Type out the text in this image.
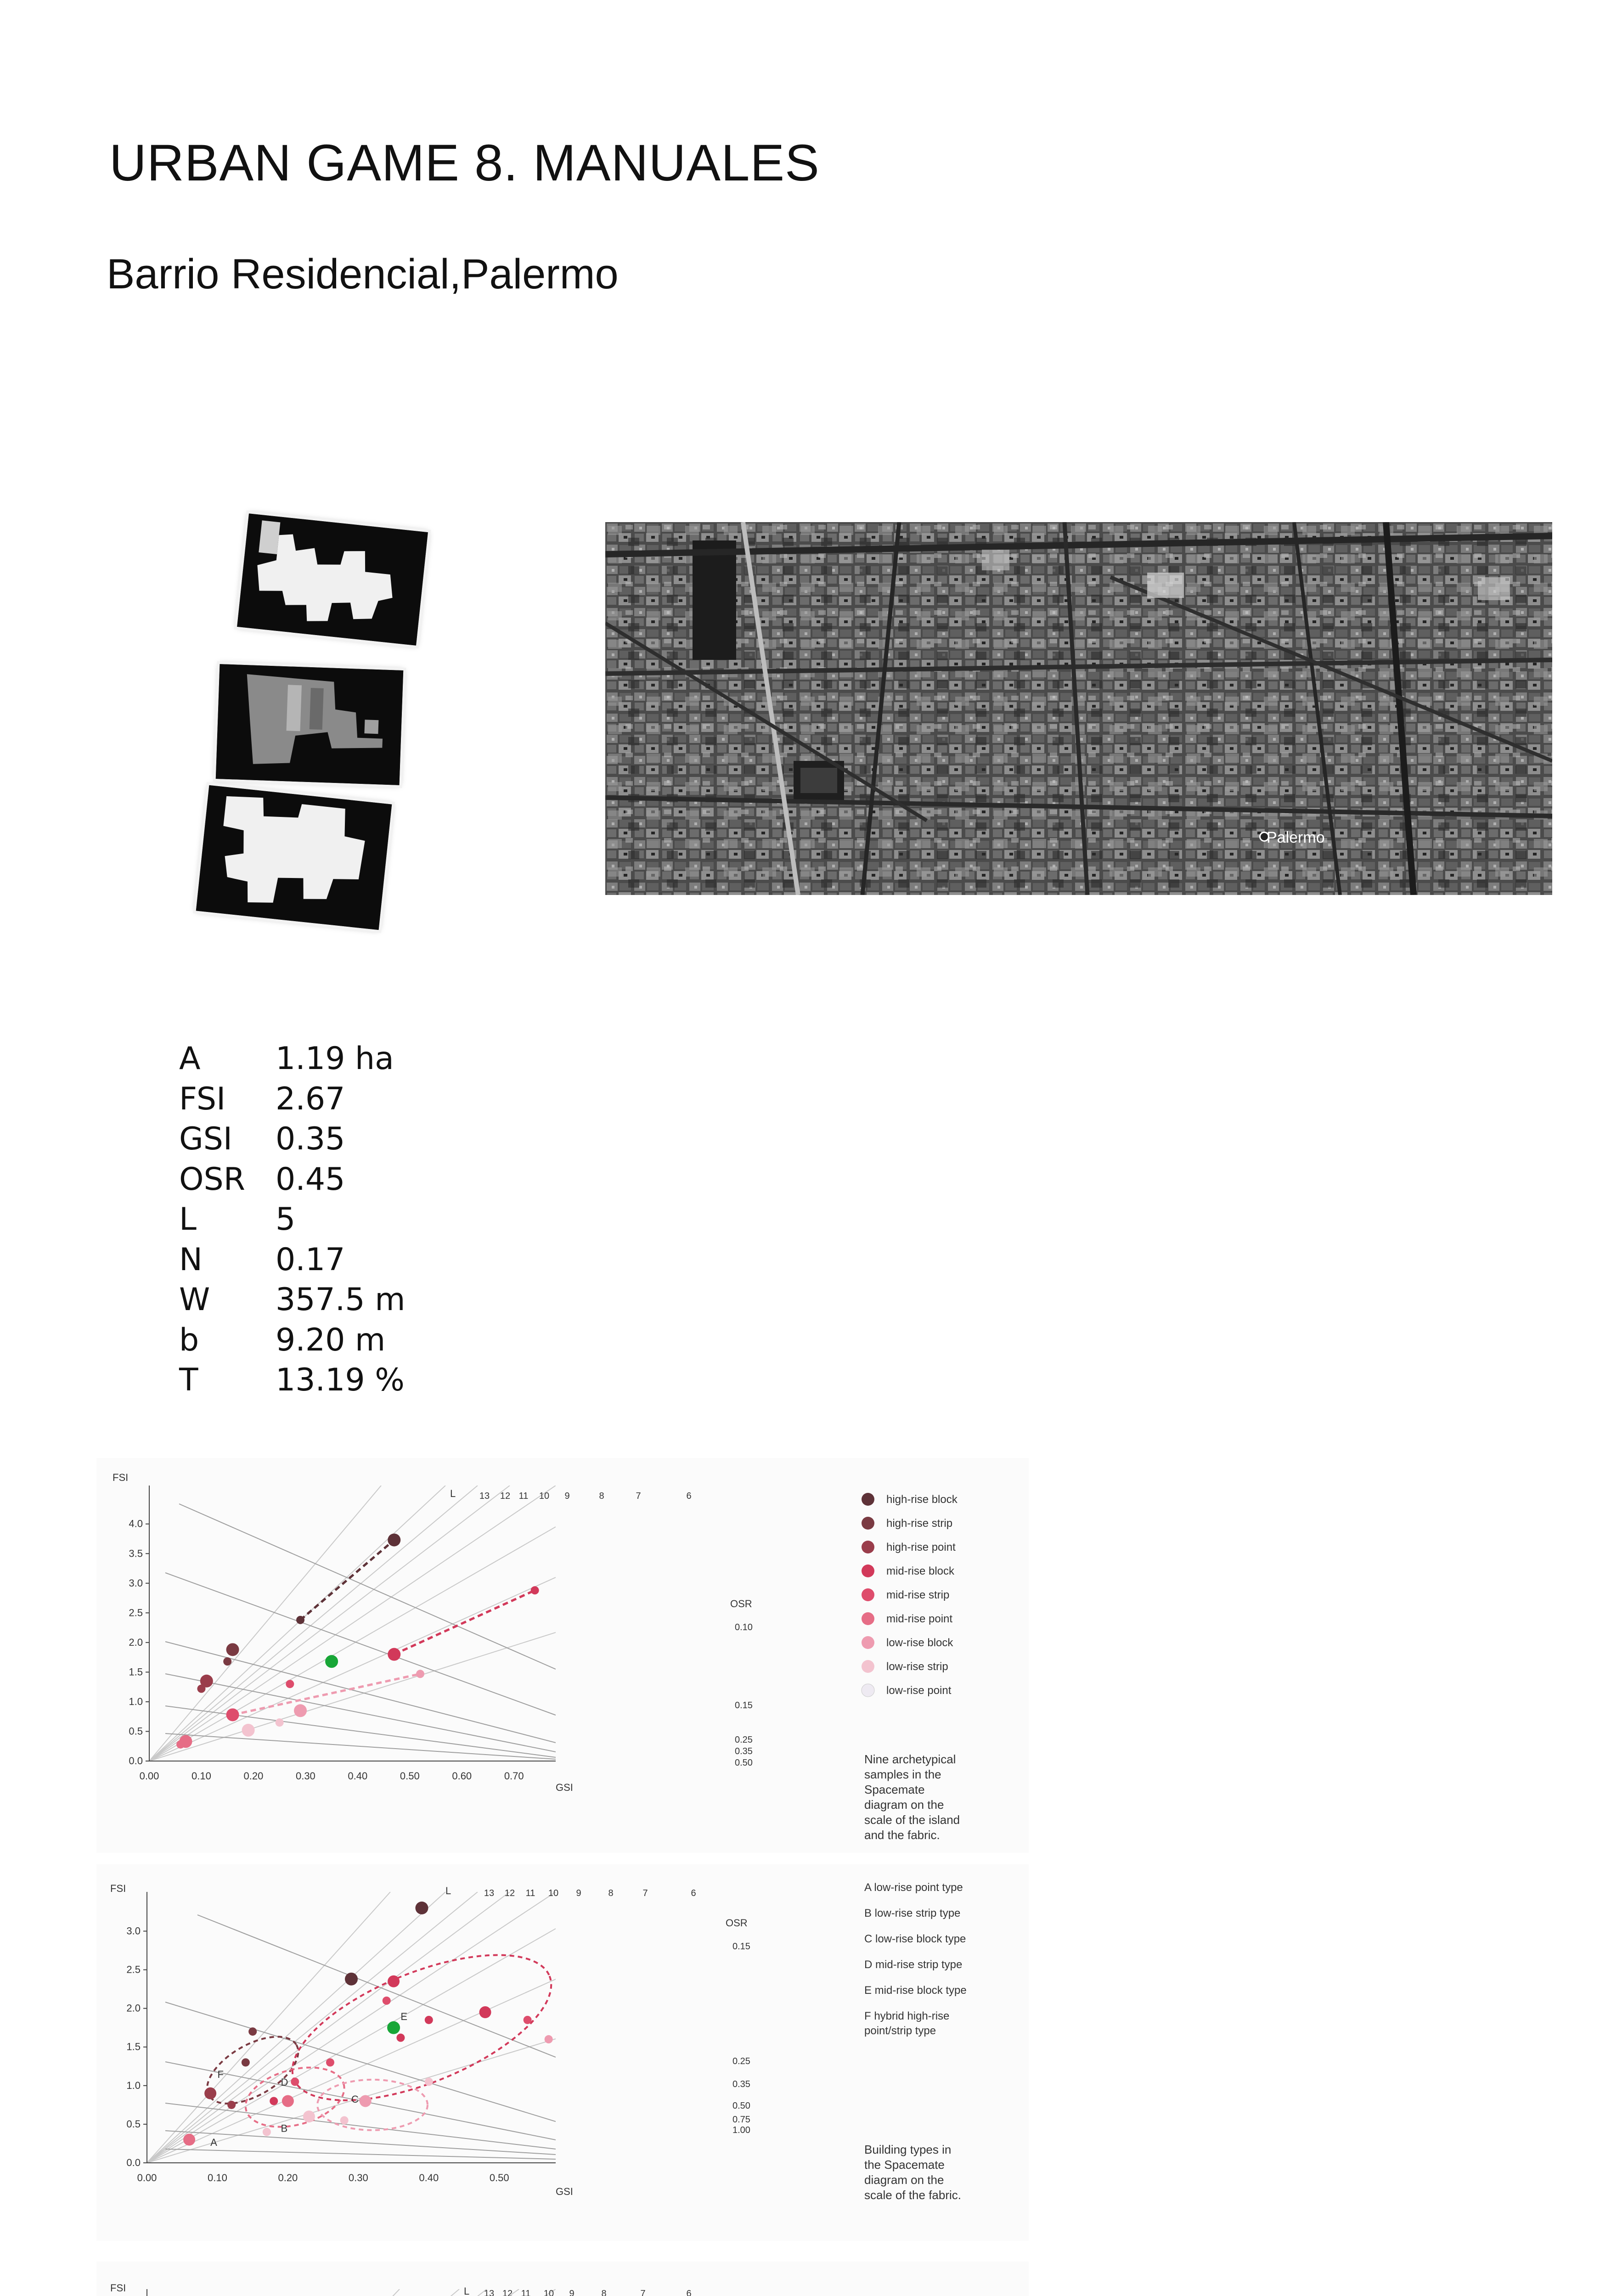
URBAN GAME 8. MANUALES
Barrio Residencial,Palermo
Palermo
A	1.19 ha
FSI	2.67
GSI	0.35
OSR 0.45
L	5
N	0.17
W	357.5 m
b	9.20 m
T	13.19 %
0.00	0.10	0.20	0.30	0.40	0.50	0.60	0.70
0.0
0.5
1.0
1.5
2.0
2.5
3.0
3.5
4.0
FSI
GSI
L	13 12 11 10 9	8	7	6
OSR
0.10
0.15
0.25
0.35
0.50
high-rise block
high-rise strip
high-rise point
mid-rise block
mid-rise strip
mid-rise point
low-rise block
low-rise strip
low-rise point
Nine archetypical
samples in the
Spacemate
diagram on the
scale of the island
and the fabric.
0.00	0.10	0.20	0.30	0.40	0.50
0.0
0.5
1.0
1.5
2.0
2.5
3.0
FSI
GSI
L	13 12 11 10 9	8	7	6
OSR
0.15
0.25
0.35
0.50
0.75
1.00
A
B
C
D
E
F
A low-rise point type
B low-rise strip type
C low-rise block type
D mid-rise strip type
E mid-rise block type
F hybrid high-rise
point/strip type
Building types in
the Spacemate
diagram on the
scale of the fabric.
FSI	L 13 12 11 10 9	8	7	6
